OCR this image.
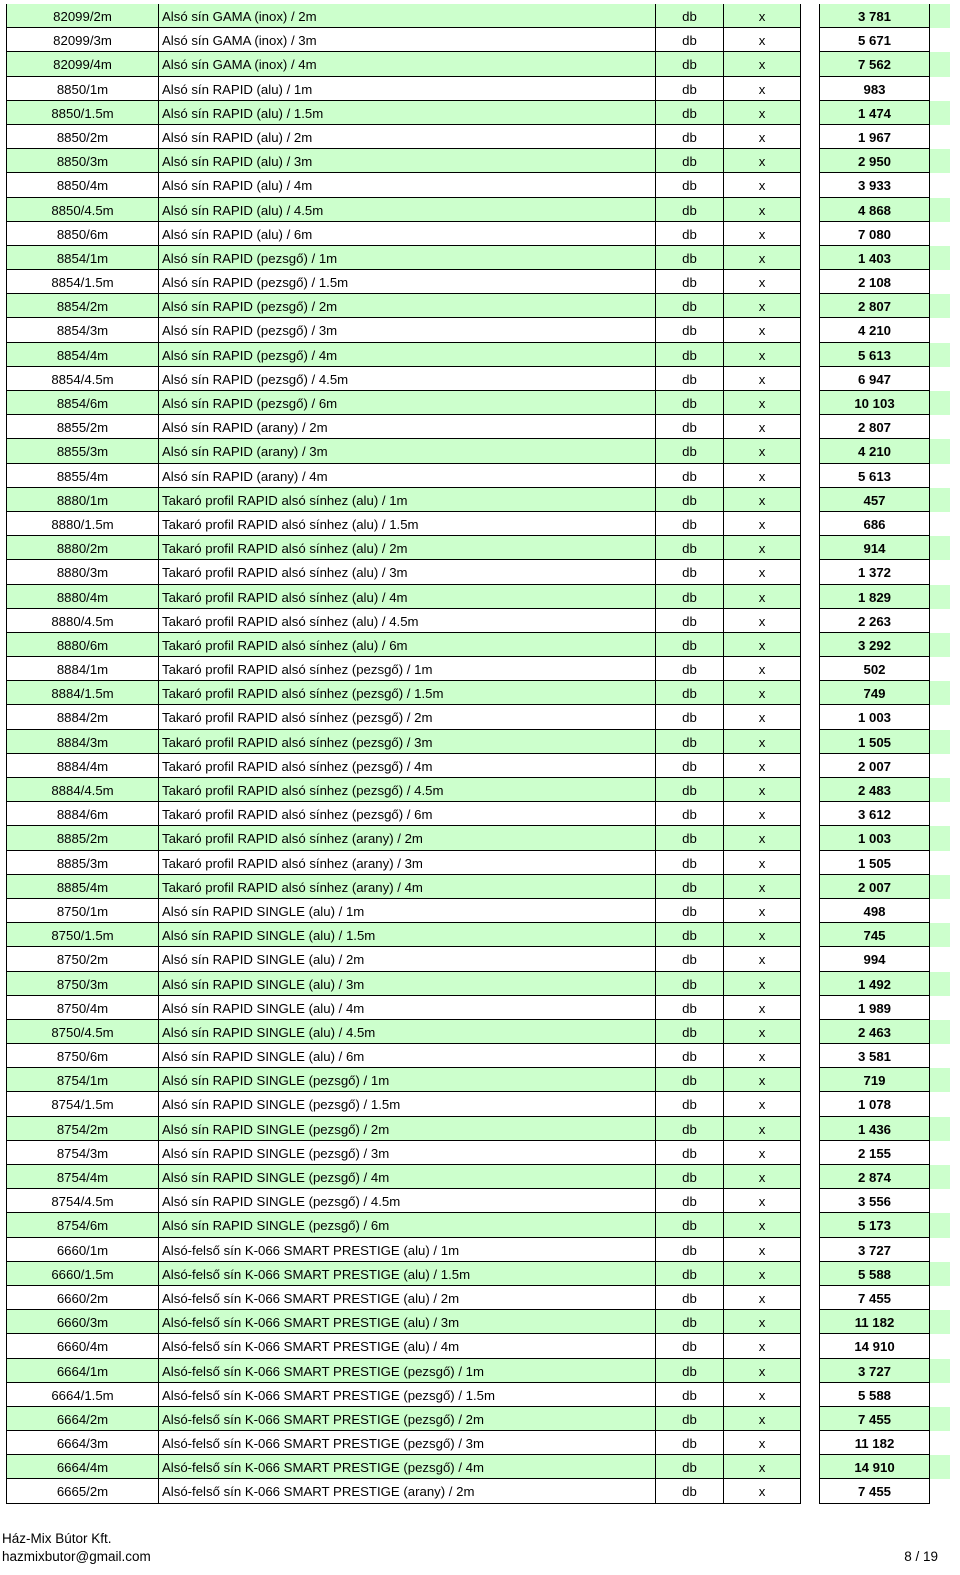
82099/2m	Alsó sín GAMA (inox) / 2m	db	x	3 781
82099/3m	Alsó sín GAMA (inox) / 3m	db	x	5 671
82099/4m	Alsó sín GAMA (inox) / 4m	db	x	7 562
8850/1m	Alsó sín RAPID (alu) / 1m	db	x	983
8850/1.5m	Alsó sín RAPID (alu) / 1.5m	db	x	1 474
8850/2m	Alsó sín RAPID (alu) / 2m	db	x	1 967
8850/3m	Alsó sín RAPID (alu) / 3m	db	x	2 950
8850/4m	Alsó sín RAPID (alu) / 4m	db	x	3 933
8850/4.5m	Alsó sín RAPID (alu) / 4.5m	db	x	4 868
8850/6m	Alsó sín RAPID (alu) / 6m	db	x	7 080
8854/1m	Alsó sín RAPID (pezsgő) / 1m	db	x	1 403
8854/1.5m	Alsó sín RAPID (pezsgő) / 1.5m	db	x	2 108
8854/2m	Alsó sín RAPID (pezsgő) / 2m	db	x	2 807
8854/3m	Alsó sín RAPID (pezsgő) / 3m	db	x	4 210
8854/4m	Alsó sín RAPID (pezsgő) / 4m	db	x	5 613
8854/4.5m	Alsó sín RAPID (pezsgő) / 4.5m	db	x	6 947
8854/6m	Alsó sín RAPID (pezsgő) / 6m	db	x	10 103
8855/2m	Alsó sín RAPID (arany) / 2m	db	x	2 807
8855/3m	Alsó sín RAPID (arany) / 3m	db	x	4 210
8855/4m	Alsó sín RAPID (arany) / 4m	db	x	5 613
8880/1m	Takaró profil RAPID alsó sínhez (alu) / 1m	db	x	457
8880/1.5m	Takaró profil RAPID alsó sínhez (alu) / 1.5m	db	x	686
8880/2m	Takaró profil RAPID alsó sínhez (alu) / 2m	db	x	914
8880/3m	Takaró profil RAPID alsó sínhez (alu) / 3m	db	x	1 372
8880/4m	Takaró profil RAPID alsó sínhez (alu) / 4m	db	x	1 829
8880/4.5m	Takaró profil RAPID alsó sínhez (alu) / 4.5m	db	x	2 263
8880/6m	Takaró profil RAPID alsó sínhez (alu) / 6m	db	x	3 292
8884/1m	Takaró profil RAPID alsó sínhez (pezsgő) / 1m	db	x	502
8884/1.5m	Takaró profil RAPID alsó sínhez (pezsgő) / 1.5m	db	x	749
8884/2m	Takaró profil RAPID alsó sínhez (pezsgő) / 2m	db	x	1 003
8884/3m	Takaró profil RAPID alsó sínhez (pezsgő) / 3m	db	x	1 505
8884/4m	Takaró profil RAPID alsó sínhez (pezsgő) / 4m	db	x	2 007
8884/4.5m	Takaró profil RAPID alsó sínhez (pezsgő) / 4.5m	db	x	2 483
8884/6m	Takaró profil RAPID alsó sínhez (pezsgő) / 6m	db	x	3 612
8885/2m	Takaró profil RAPID alsó sínhez (arany) / 2m	db	x	1 003
8885/3m	Takaró profil RAPID alsó sínhez (arany) / 3m	db	x	1 505
8885/4m	Takaró profil RAPID alsó sínhez (arany) / 4m	db	x	2 007
8750/1m	Alsó sín RAPID SINGLE (alu) / 1m	db	x	498
8750/1.5m	Alsó sín RAPID SINGLE (alu) / 1.5m	db	x	745
8750/2m	Alsó sín RAPID SINGLE (alu) / 2m	db	x	994
8750/3m	Alsó sín RAPID SINGLE (alu) / 3m	db	x	1 492
8750/4m	Alsó sín RAPID SINGLE (alu) / 4m	db	x	1 989
8750/4.5m	Alsó sín RAPID SINGLE (alu) / 4.5m	db	x	2 463
8750/6m	Alsó sín RAPID SINGLE (alu) / 6m	db	x	3 581
8754/1m	Alsó sín RAPID SINGLE (pezsgő) / 1m	db	x	719
8754/1.5m	Alsó sín RAPID SINGLE (pezsgő) / 1.5m	db	x	1 078
8754/2m	Alsó sín RAPID SINGLE (pezsgő) / 2m	db	x	1 436
8754/3m	Alsó sín RAPID SINGLE (pezsgő) / 3m	db	x	2 155
8754/4m	Alsó sín RAPID SINGLE (pezsgő) / 4m	db	x	2 874
8754/4.5m	Alsó sín RAPID SINGLE (pezsgő) / 4.5m	db	x	3 556
8754/6m	Alsó sín RAPID SINGLE (pezsgő) / 6m	db	x	5 173
6660/1m	Alsó-felső sín K-066 SMART PRESTIGE (alu) / 1m	db	x	3 727
6660/1.5m	Alsó-felső sín K-066 SMART PRESTIGE (alu) / 1.5m	db	x	5 588
6660/2m	Alsó-felső sín K-066 SMART PRESTIGE (alu) / 2m	db	x	7 455
6660/3m	Alsó-felső sín K-066 SMART PRESTIGE (alu) / 3m	db	x	11 182
6660/4m	Alsó-felső sín K-066 SMART PRESTIGE (alu) / 4m	db	x	14 910
6664/1m	Alsó-felső sín K-066 SMART PRESTIGE (pezsgő) / 1m	db	x	3 727
6664/1.5m	Alsó-felső sín K-066 SMART PRESTIGE (pezsgő) / 1.5m	db	x	5 588
6664/2m	Alsó-felső sín K-066 SMART PRESTIGE (pezsgő) / 2m	db	x	7 455
6664/3m	Alsó-felső sín K-066 SMART PRESTIGE (pezsgő) / 3m	db	x	11 182
6664/4m	Alsó-felső sín K-066 SMART PRESTIGE (pezsgő) / 4m	db	x	14 910
6665/2m	Alsó-felső sín K-066 SMART PRESTIGE (arany) / 2m	db	x	7 455
Ház-Mix Bútor Kft.
hazmixbutor@gmail.com	8 / 19
